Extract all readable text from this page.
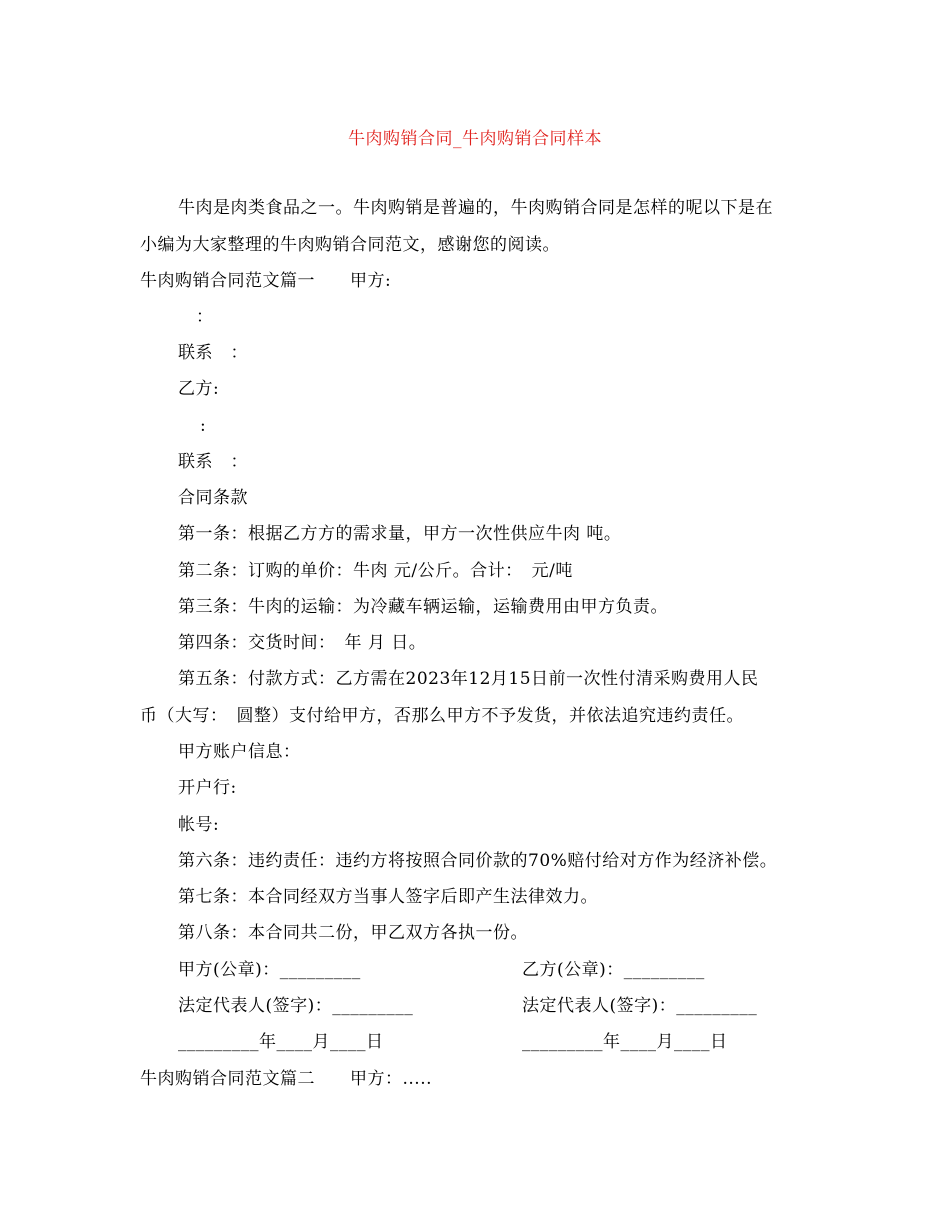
牛肉购销合同_牛肉购销合同样本
牛肉是肉类食品之一。牛肉购销是普遍的，牛肉购销合同是怎样的呢以下是在
小编为大家整理的牛肉购销合同范文，感谢您的阅读。
牛肉购销合同范文篇一　　甲方:
：
联系　：
乙方:
:
联系　：
合同条款
第一条：根据乙方方的需求量，甲方一次性供应牛肉 吨。
第二条：订购的单价：牛肉 元/公斤。合计：　元/吨
第三条：牛肉的运输：为冷藏车辆运输，运输费用由甲方负责。
第四条：交货时间：　年 月 日。
第五条：付款方式：乙方需在2023年12月15日前一次性付清采购费用人民
币（大写：　圆整）支付给甲方，否那么甲方不予发货，并依法追究违约责任。
甲方账户信息：
开户行:
帐号:
第六条：违约责任：违约方将按照合同价款的70%赔付给对方作为经济补偿。
第七条：本合同经双方当事人签字后即产生法律效力。
第八条：本合同共二份，甲乙双方各执一份。
甲方(公章)：_________	乙方(公章)：_________
法定代表人(签字)：_________	法定代表人(签字)：_________
_________年____月____日	_________年____月____日
牛肉购销合同范文篇二　　甲方：.....
